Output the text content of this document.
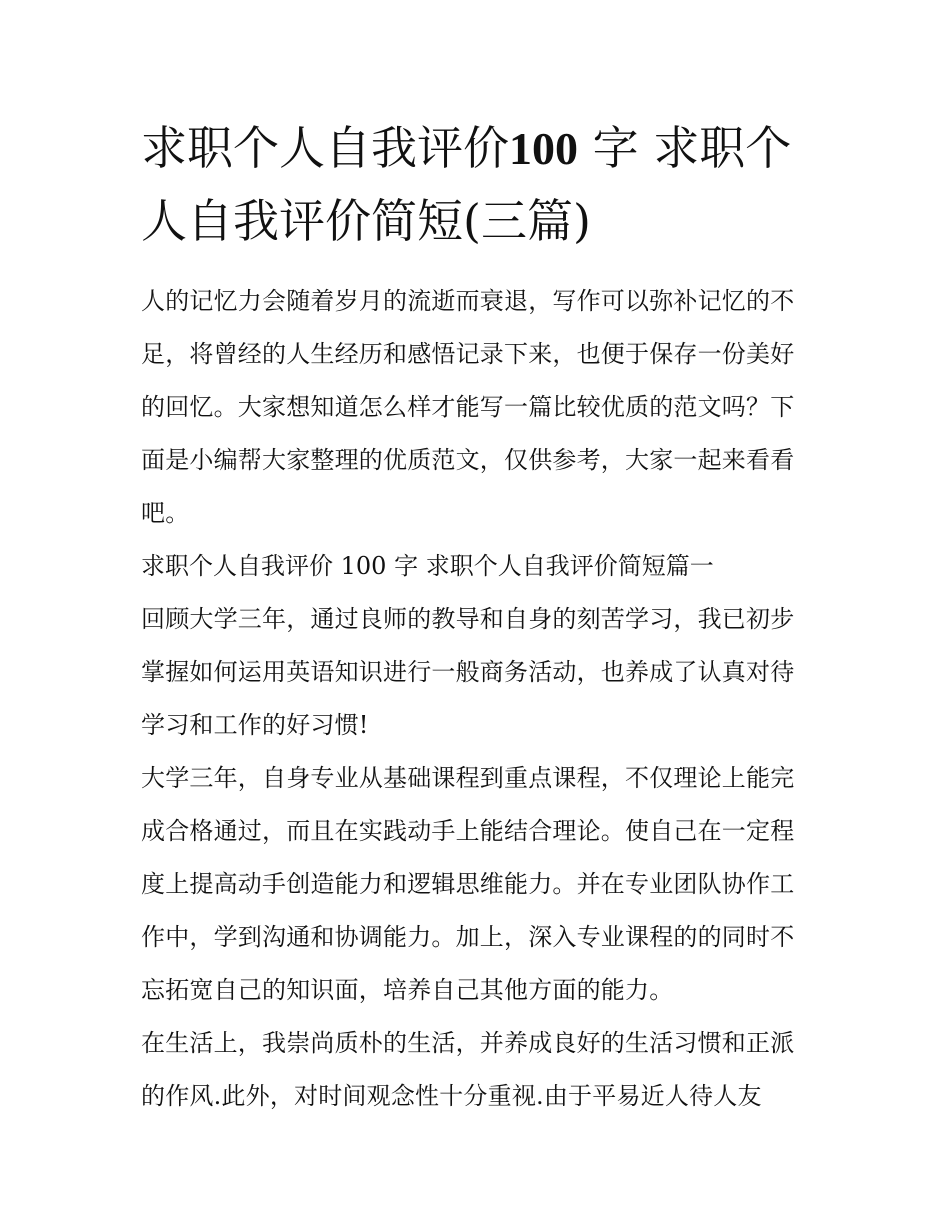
求职个人自我评价100 字 求职个人自我评价简短(三篇)

人的记忆力会随着岁月的流逝而衰退，写作可以弥补记忆的不足，将曾经的人生经历和感悟记录下来，也便于保存一份美好的回忆。大家想知道怎么样才能写一篇比较优质的范文吗？下面是小编帮大家整理的优质范文，仅供参考，大家一起来看看吧。

求职个人自我评价 100 字 求职个人自我评价简短篇一

回顾大学三年，通过良师的教导和自身的刻苦学习，我已初步掌握如何运用英语知识进行一般商务活动，也养成了认真对待学习和工作的好习惯!

大学三年，自身专业从基础课程到重点课程，不仅理论上能完成合格通过，而且在实践动手上能结合理论。使自己在一定程度上提高动手创造能力和逻辑思维能力。并在专业团队协作工作中，学到沟通和协调能力。加上，深入专业课程的的同时不忘拓宽自己的知识面，培养自己其他方面的能力。

在生活上，我崇尚质朴的生活，并养成良好的生活习惯和正派的作风.此外，对时间观念性十分重视.由于平易近人待人友
